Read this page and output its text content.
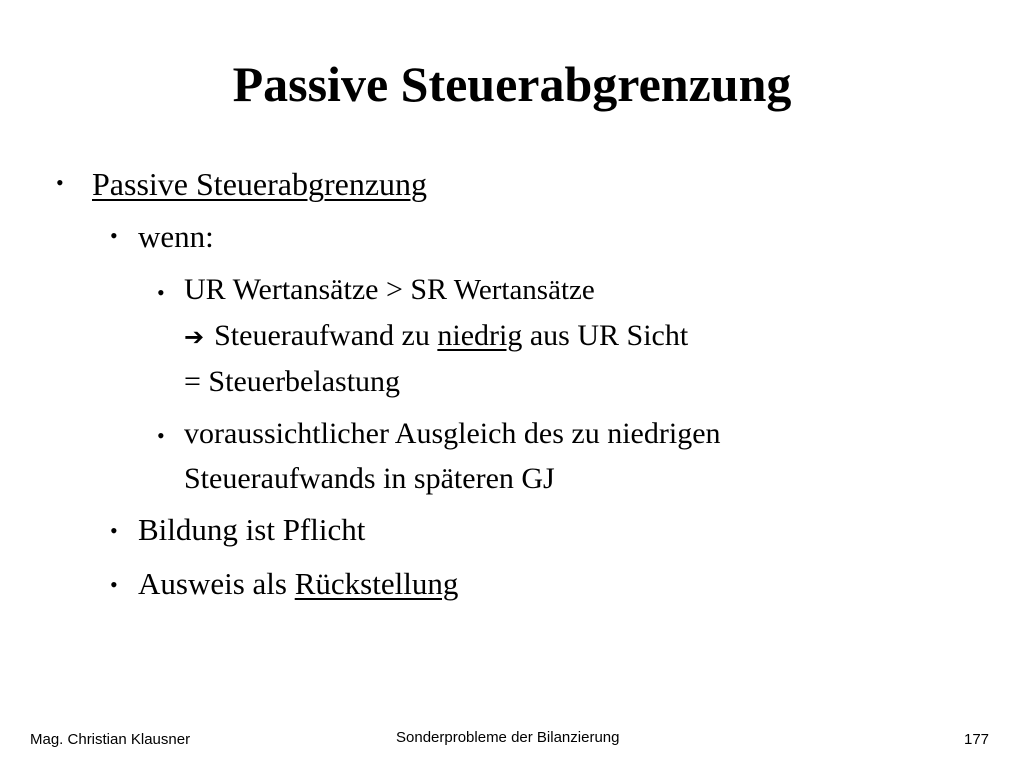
Passive Steuerabgrenzung
• Passive Steuerabgrenzung
• wenn:
• UR Wertansätze > SR Wertansätze
➔ Steueraufwand zu niedrig aus UR Sicht
= Steuerbelastung
• voraussichtlicher Ausgleich des zu niedrigen
Steueraufwands in späteren GJ
• Bildung ist Pflicht
• Ausweis als Rückstellung
Mag. Christian Klausner	Sonderprobleme der Bilanzierung	177
